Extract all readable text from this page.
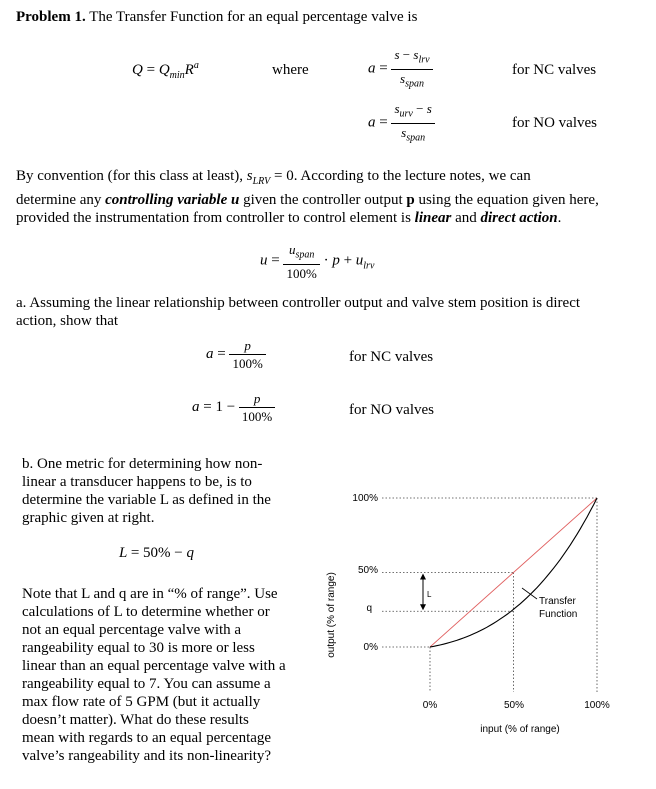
Problem 1. The Transfer Function for an equal percentage valve is
$Q = Q_{min}R^a$	where	$a = \frac{s - s_{lrv}}{s_{span}}$	for NC valves
$a = \frac{s_{urv} - s}{s_{span}}$	for NO valves
By convention (for this class at least), $s_{LRV} = 0$. According to the lecture notes, we can
determine any controlling variable u given the controller output p using the equation given here,
provided the instrumentation from controller to control element is linear and direct action.
$u = \frac{u_{span}}{100\%} \cdot p + u_{lrv}$
a. Assuming the linear relationship between controller output and valve stem position is direct
action, show that
$a = \frac{p}{100\%}$	for NC valves
$a = 1 - \frac{p}{100\%}$	for NO valves
b. One metric for determining how non-
linear a transducer happens to be, is to
determine the variable L as defined in the
graphic given at right.
L = 50% − q
Note that L and q are in “% of range”. Use
calculations of L to determine whether or
not an equal percentage valve with a
rangeability equal to 30 is more or less
linear than an equal percentage valve with a
rangeability equal to 7. You can assume a
max flow rate of 5 GPM (but it actually
doesn’t matter). What do these results
mean with regards to an equal percentage
valve’s rangeability and its non-linearity?
output (% of range)
input (% of range)
100%
50%
q
0%
0%	50%	100%
L
Transfer
Function
